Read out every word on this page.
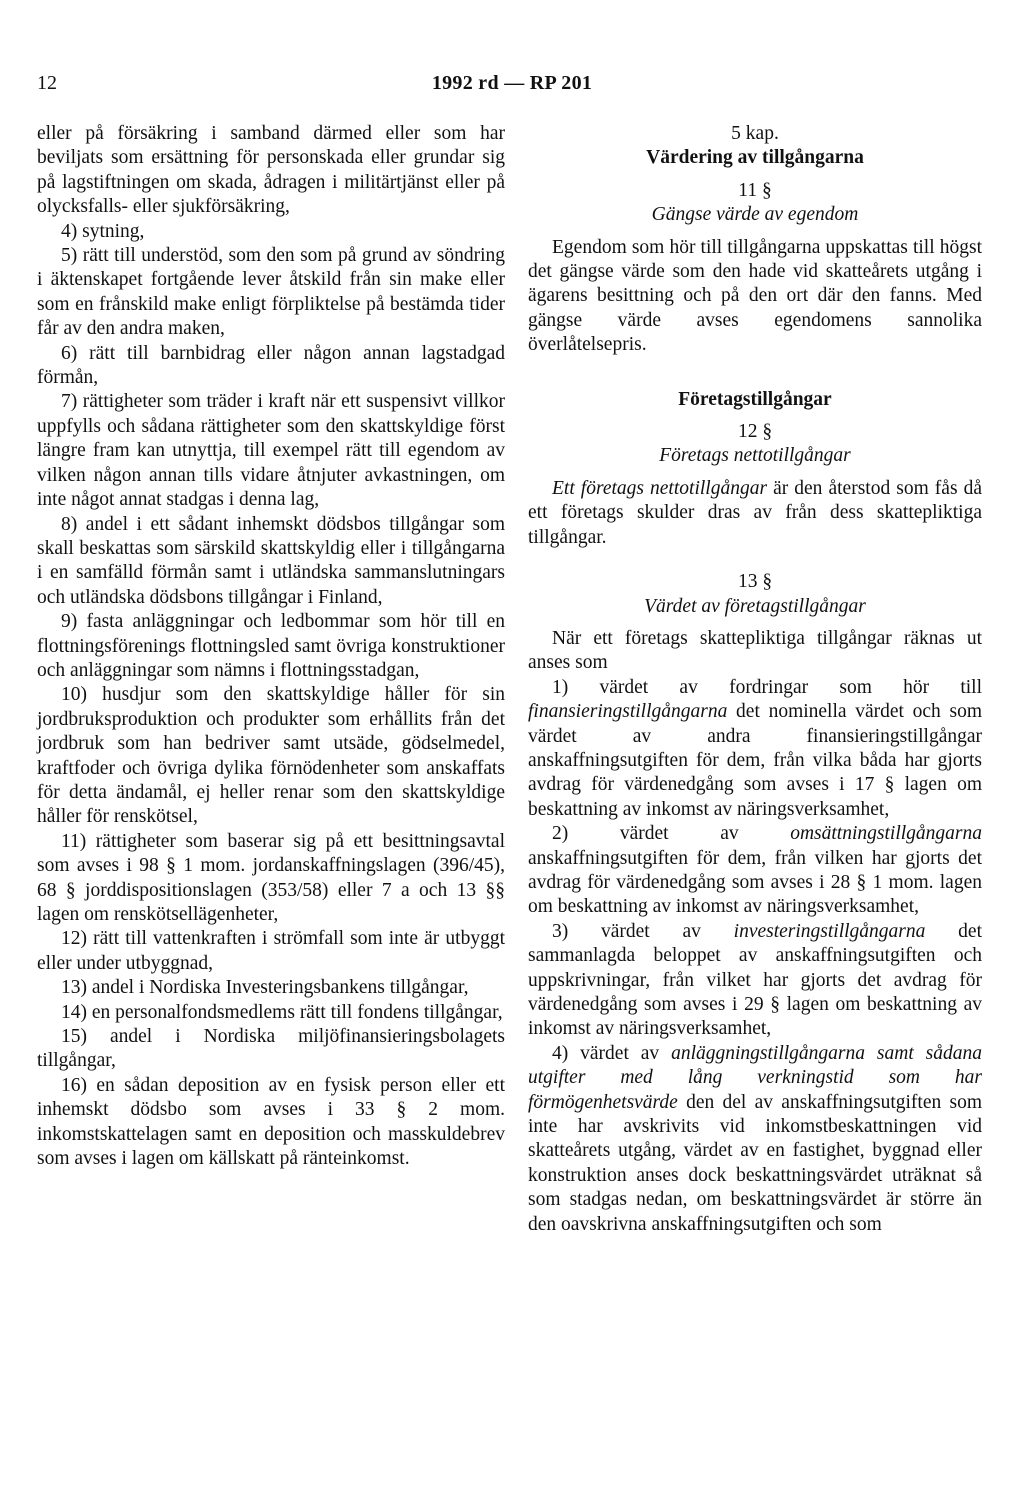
12	1992 rd — RP 201

eller på försäkring i samband därmed eller som har beviljats som ersättning för personskada eller grundar sig på lagstiftningen om skada, ådragen i militärtjänst eller på olycksfalls- eller sjukförsäkring,

4) sytning,

5) rätt till understöd, som den som på grund av söndring i äktenskapet fortgående lever åtskild från sin make eller som en frånskild make enligt förpliktelse på bestämda tider får av den andra maken,

6) rätt till barnbidrag eller någon annan lagstadgad förmån,

7) rättigheter som träder i kraft när ett suspensivt villkor uppfylls och sådana rättigheter som den skattskyldige först längre fram kan utnyttja, till exempel rätt till egendom av vilken någon annan tills vidare åtnjuter avkastningen, om inte något annat stadgas i denna lag,

8) andel i ett sådant inhemskt dödsbos tillgångar som skall beskattas som särskild skattskyldig eller i tillgångarna i en samfälld förmån samt i utländska sammanslutningars och utländska dödsbons tillgångar i Finland,

9) fasta anläggningar och ledbommar som hör till en flottningsförenings flottningsled samt övriga konstruktioner och anläggningar som nämns i flottningsstadgan,

10) husdjur som den skattskyldige håller för sin jordbruksproduktion och produkter som erhållits från det jordbruk som han bedriver samt utsäde, gödselmedel, kraftfoder och övriga dylika förnödenheter som anskaffats för detta ändamål, ej heller renar som den skattskyldige håller för renskötsel,

11) rättigheter som baserar sig på ett besittningsavtal som avses i 98 § 1 mom. jordanskaffningslagen (396/45), 68 § jorddispositionslagen (353/58) eller 7 a och 13 §§ lagen om renskötsellägenheter,

12) rätt till vattenkraften i strömfall som inte är utbyggt eller under utbyggnad,

13) andel i Nordiska Investeringsbankens tillgångar,

14) en personalfondsmedlems rätt till fondens tillgångar,

15) andel i Nordiska miljöfinansieringsbolagets tillgångar,

16) en sådan deposition av en fysisk person eller ett inhemskt dödsbo som avses i 33 § 2 mom. inkomstskattelagen samt en deposition och masskuldebrev som avses i lagen om källskatt på ränteinkomst.

5 kap.

Värdering av tillgångarna

11 §

Gängse värde av egendom

Egendom som hör till tillgångarna uppskattas till högst det gängse värde som den hade vid skatteårets utgång i ägarens besittning och på den ort där den fanns. Med gängse värde avses egendomens sannolika överlåtelsepris.

Företagstillgångar

12 §

Företags nettotillgångar

Ett företags nettotillgångar är den återstod som fås då ett företags skulder dras av från dess skattepliktiga tillgångar.

13 §

Värdet av företagstillgångar

När ett företags skattepliktiga tillgångar räknas ut anses som

1) värdet av fordringar som hör till finansieringstillgångarna det nominella värdet och som värdet av andra finansieringstillgångar anskaffningsutgiften för dem, från vilka båda har gjorts avdrag för värdenedgång som avses i 17 § lagen om beskattning av inkomst av näringsverksamhet,

2) värdet av omsättningstillgångarna anskaffningsutgiften för dem, från vilken har gjorts det avdrag för värdenedgång som avses i 28 § 1 mom. lagen om beskattning av inkomst av näringsverksamhet,

3) värdet av investeringstillgångarna det sammanlagda beloppet av anskaffningsutgiften och uppskrivningar, från vilket har gjorts det avdrag för värdenedgång som avses i 29 § lagen om beskattning av inkomst av näringsverksamhet,

4) värdet av anläggningstillgångarna samt sådana utgifter med lång verkningstid som har förmögenhetsvärde den del av anskaffningsutgiften som inte har avskrivits vid inkomstbeskattningen vid skatteårets utgång, värdet av en fastighet, byggnad eller konstruktion anses dock beskattningsvärdet uträknat så som stadgas nedan, om beskattningsvärdet är större än den oavskrivna anskaffningsutgiften och som
